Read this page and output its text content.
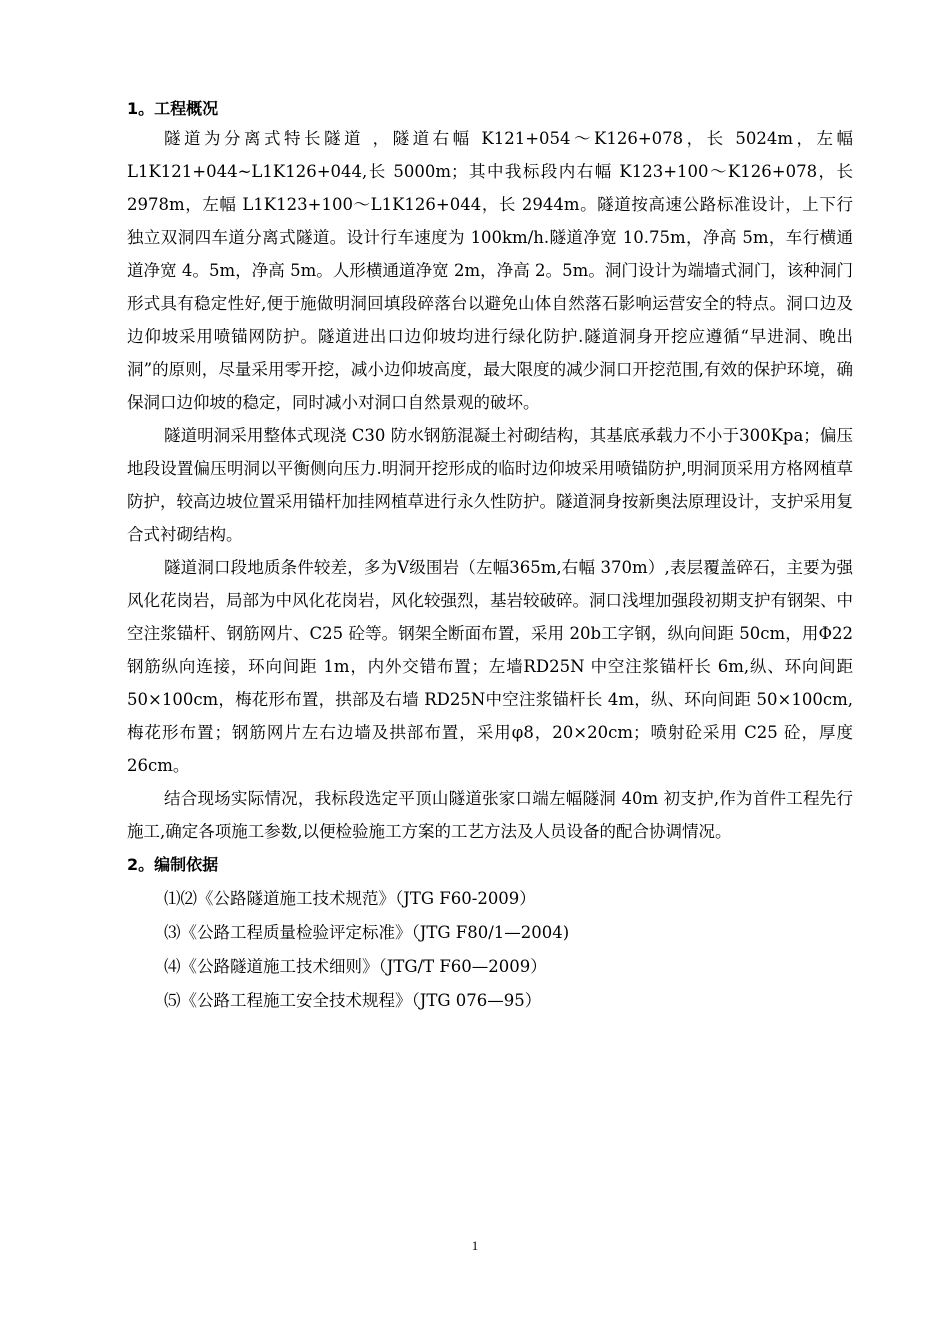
1。工程概况

隧道为分离式特长隧道 ，隧道右幅 K121+054～K126+078，长 5024m，左幅L1K121+044~L1K126+044,长 5000m；其中我标段内右幅 K123+100～K126+078，长2978m，左幅 L1K123+100～L1K126+044，长 2944m。隧道按高速公路标准设计，上下行独立双洞四车道分离式隧道。设计行车速度为 100km/h.隧道净宽 10.75m，净高 5m，车行横通道净宽 4。5m，净高 5m。人形横通道净宽 2m，净高 2。5m。洞门设计为端墙式洞门，该种洞门形式具有稳定性好,便于施做明洞回填段碎落台以避免山体自然落石影响运营安全的特点。洞口边及边仰坡采用喷锚网防护。隧道进出口边仰坡均进行绿化防护.隧道洞身开挖应遵循“早进洞、晚出洞”的原则，尽量采用零开挖，减小边仰坡高度，最大限度的减少洞口开挖范围,有效的保护环境，确保洞口边仰坡的稳定，同时减小对洞口自然景观的破坏。

隧道明洞采用整体式现浇 C30 防水钢筋混凝土衬砌结构，其基底承载力不小于300Kpa；偏压地段设置偏压明洞以平衡侧向压力.明洞开挖形成的临时边仰坡采用喷锚防护,明洞顶采用方格网植草防护，较高边坡位置采用锚杆加挂网植草进行永久性防护。隧道洞身按新奥法原理设计，支护采用复合式衬砌结构。

隧道洞口段地质条件较差，多为Ⅴ级围岩（左幅365m,右幅 370m）,表层覆盖碎石，主要为强风化花岗岩，局部为中风化花岗岩，风化较强烈，基岩较破碎。洞口浅埋加强段初期支护有钢架、中空注浆锚杆、钢筋网片、C25 砼等。钢架全断面布置，采用 20b工字钢，纵向间距 50cm，用Φ22 钢筋纵向连接，环向间距 1m，内外交错布置；左墙RD25N 中空注浆锚杆长 6m,纵、环向间距 50×100cm，梅花形布置，拱部及右墙 RD25N中空注浆锚杆长 4m，纵、环向间距 50×100cm,梅花形布置；钢筋网片左右边墙及拱部布置，采用φ8，20×20cm；喷射砼采用 C25 砼，厚度 26cm。

结合现场实际情况，我标段选定平顶山隧道张家口端左幅隧洞 40m 初支护,作为首件工程先行施工,确定各项施工参数,以便检验施工方案的工艺方法及人员设备的配合协调情况。

2。编制依据
⑴⑵《公路隧道施工技术规范》（JTG F60-2009）
⑶《公路工程质量检验评定标准》（JTG F80/1—2004)
⑷《公路隧道施工技术细则》（JTG/T F60—2009）
⑸《公路工程施工安全技术规程》（JTG 076—95）
1
